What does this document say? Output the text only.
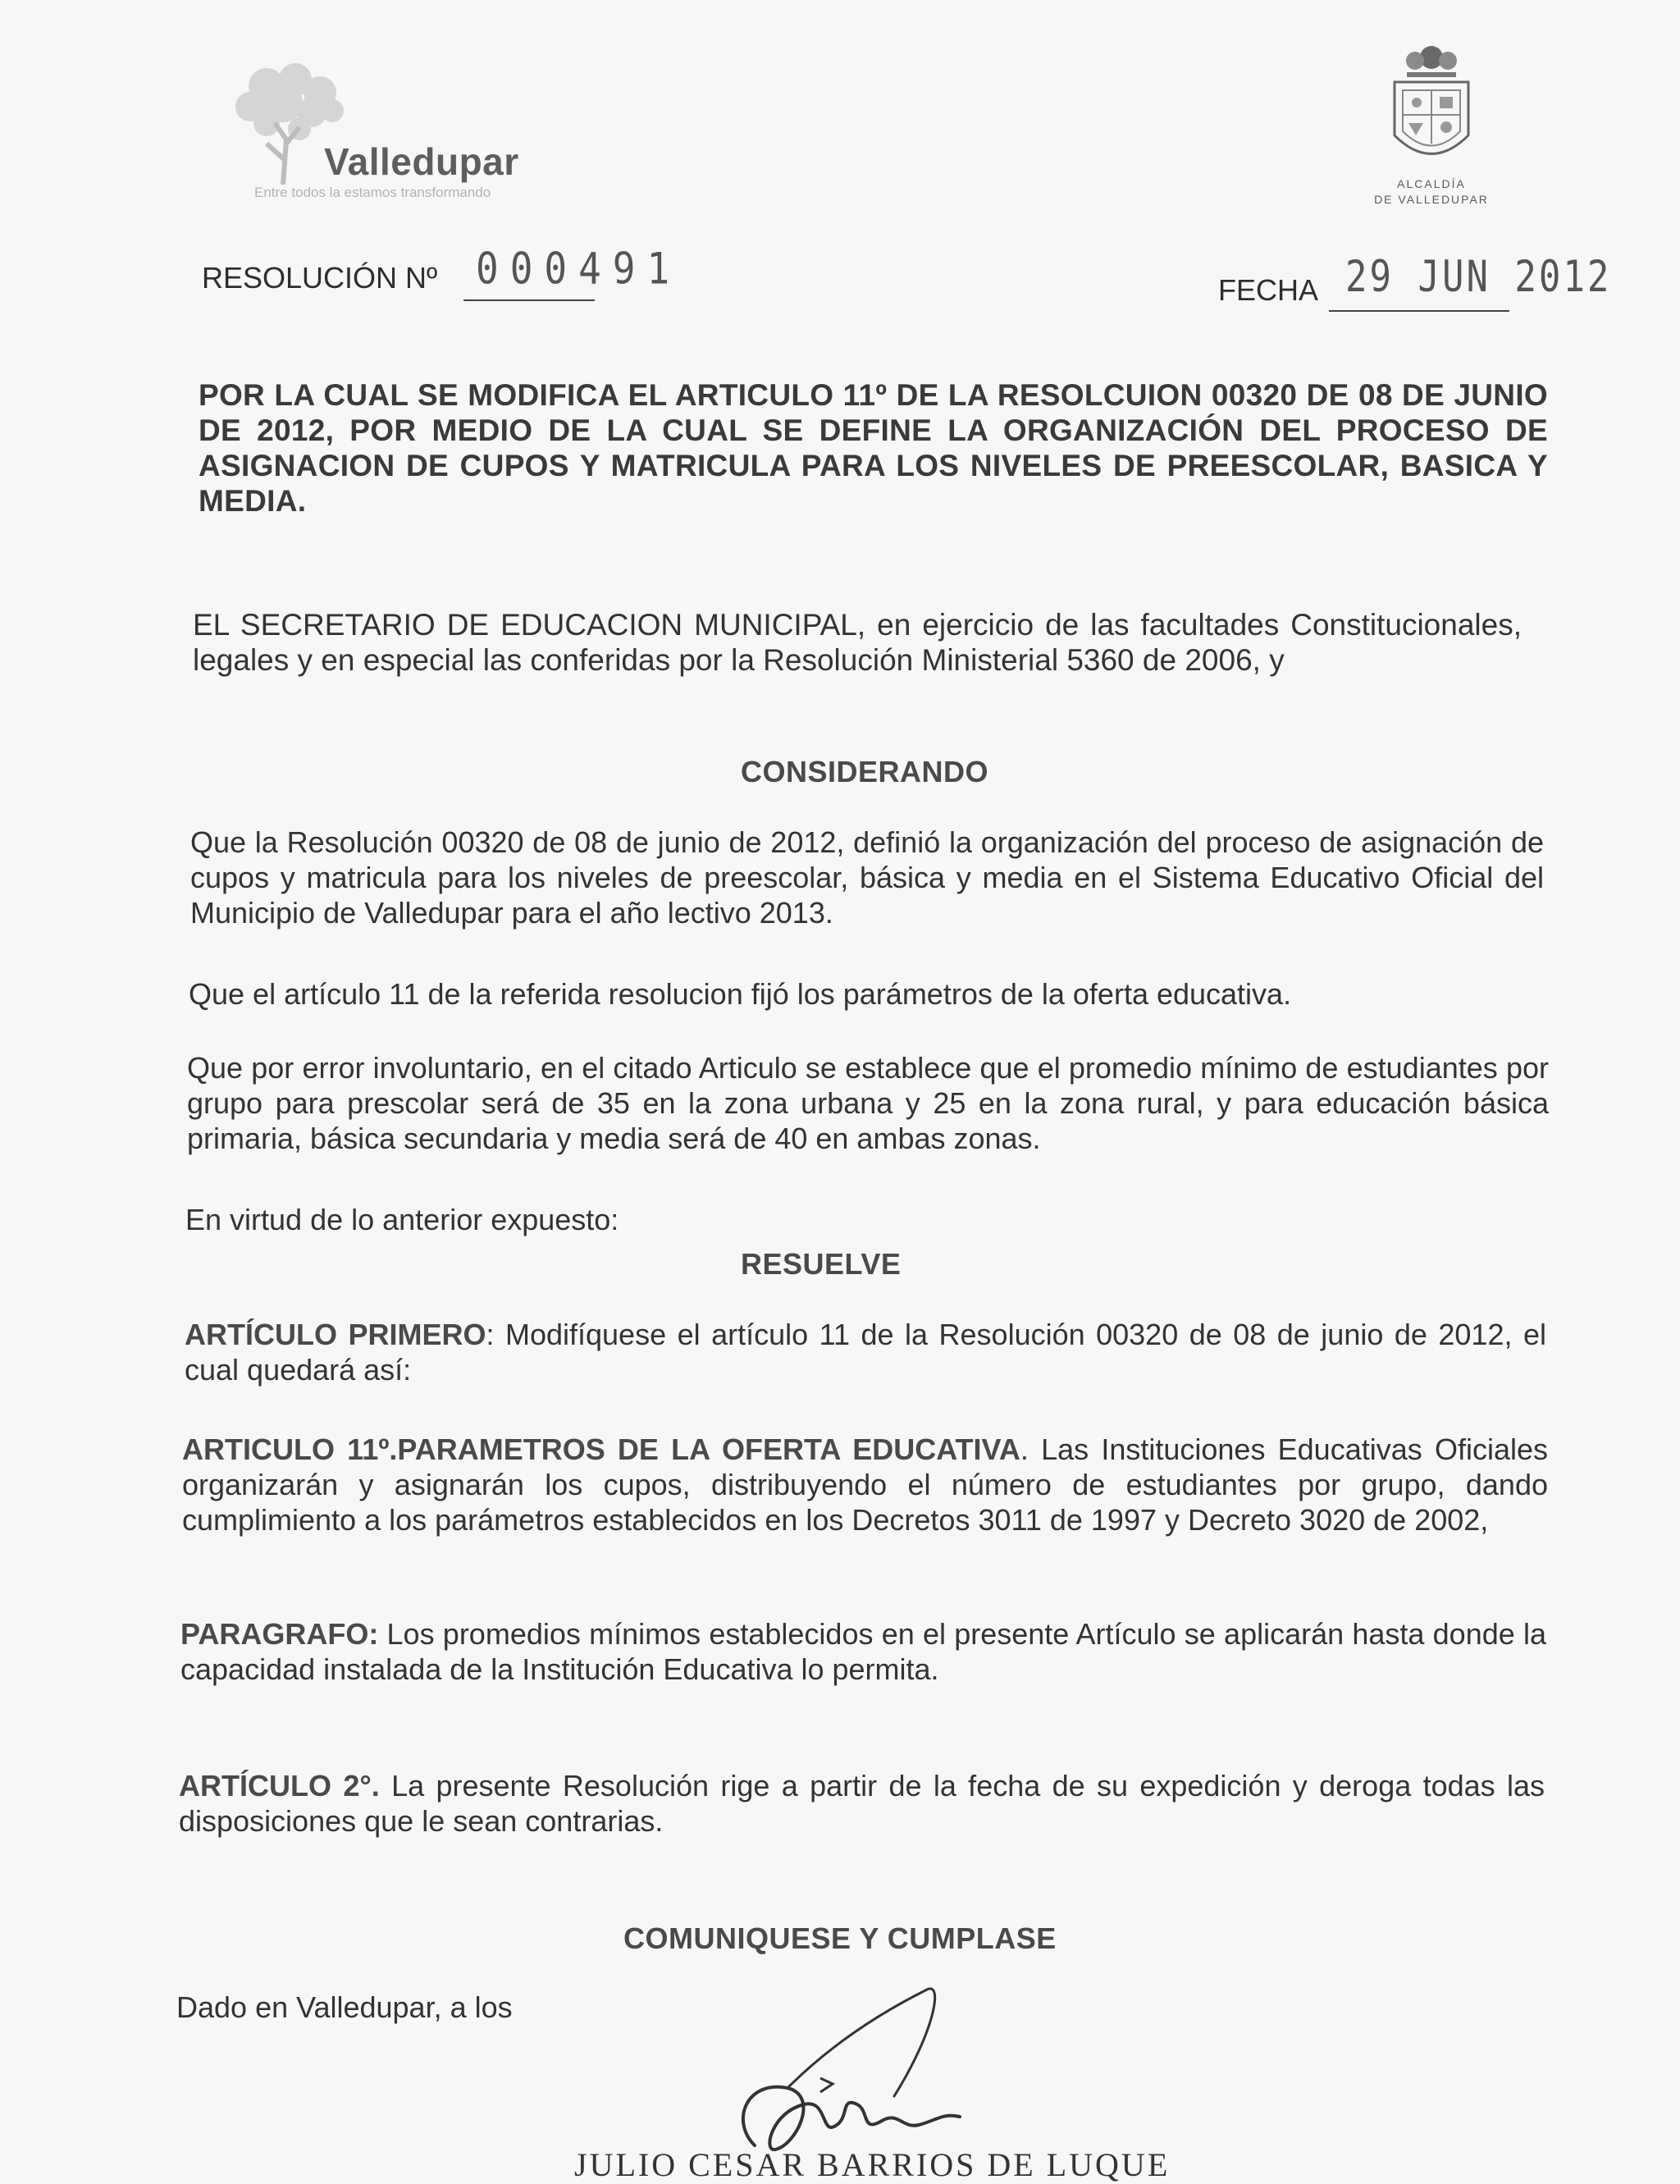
Valledupar
Entre todos la estamos transformando
ALCALDÍA
DE VALLEDUPAR
RESOLUCIÓN Nº 000491	FECHA 29 JUN 2012
POR LA CUAL SE MODIFICA EL ARTICULO 11º DE LA RESOLCUION 00320 DE 08 DE JUNIO DE 2012, POR MEDIO DE LA CUAL SE DEFINE LA ORGANIZACIÓN DEL PROCESO DE ASIGNACION DE CUPOS Y MATRICULA PARA LOS NIVELES DE PREESCOLAR, BASICA Y MEDIA.
EL SECRETARIO DE EDUCACION MUNICIPAL, en ejercicio de las facultades Constitucionales, legales y en especial las conferidas por la Resolución Ministerial 5360 de 2006, y
CONSIDERANDO
Que la Resolución 00320 de 08 de junio de 2012, definió la organización del proceso de asignación de cupos y matricula para los niveles de preescolar, básica y media en el Sistema Educativo Oficial del Municipio de Valledupar para el año lectivo 2013.
Que el artículo 11 de la referida resolucion fijó los parámetros de la oferta educativa.
Que por error involuntario, en el citado Articulo se establece que el promedio mínimo de estudiantes por grupo para prescolar será de 35 en la zona urbana y 25 en la zona rural, y para educación básica primaria, básica secundaria y media será de 40 en ambas zonas.
En virtud de lo anterior expuesto:
RESUELVE
ARTÍCULO PRIMERO: Modifíquese el artículo 11 de la Resolución 00320 de 08 de junio de 2012, el cual quedará así:
ARTICULO 11º.PARAMETROS DE LA OFERTA EDUCATIVA. Las Instituciones Educativas Oficiales organizarán y asignarán los cupos, distribuyendo el número de estudiantes por grupo, dando cumplimiento a los parámetros establecidos en los Decretos 3011 de 1997 y Decreto 3020 de 2002,
PARAGRAFO: Los promedios mínimos establecidos en el presente Artículo se aplicarán hasta donde la capacidad instalada de la Institución Educativa lo permita.
ARTÍCULO 2°. La presente Resolución rige a partir de la fecha de su expedición y deroga todas las disposiciones que le sean contrarias.
COMUNIQUESE Y CUMPLASE
Dado en Valledupar, a los
JULIO CESAR BARRIOS DE LUQUE
